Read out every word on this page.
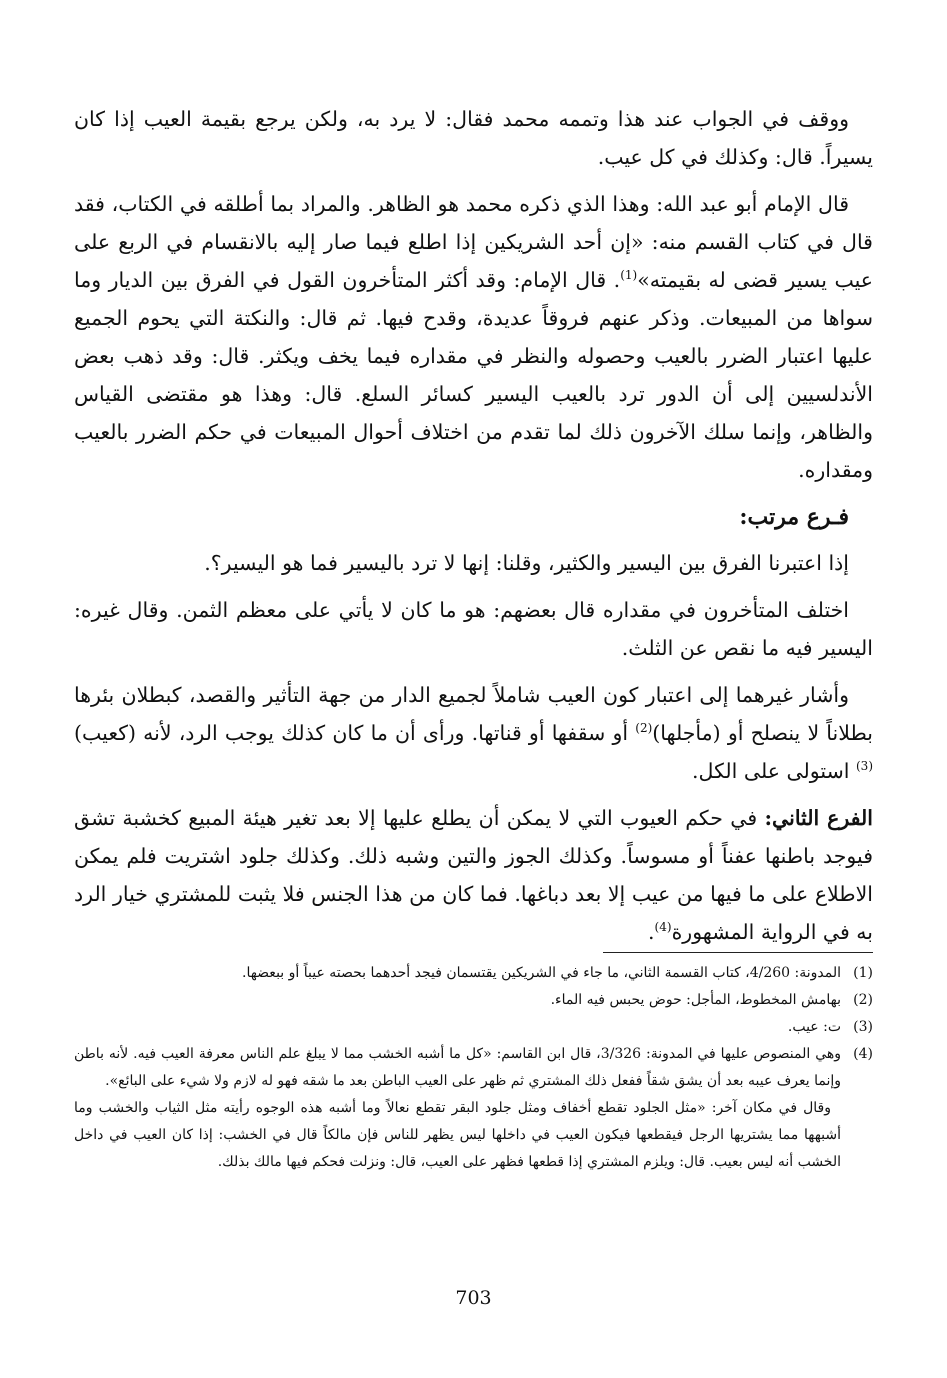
ووقف في الجواب عند هذا وتممه محمد فقال: لا يرد به، ولكن يرجع بقيمة العيب إذا كان يسيراً. قال: وكذلك في كل عيب.

قال الإمام أبو عبد الله: وهذا الذي ذكره محمد هو الظاهر. والمراد بما أطلقه في الكتاب، فقد قال في كتاب القسم منه: «إن أحد الشريكين إذا اطلع فيما صار إليه بالانقسام في الربع على عيب يسير قضى له بقيمته»$^{(1)}$. قال الإمام: وقد أكثر المتأخرون القول في الفرق بين الديار وما سواها من المبيعات. وذكر عنهم فروقاً عديدة، وقدح فيها. ثم قال: والنكتة التي يحوم الجميع عليها اعتبار الضرر بالعيب وحصوله والنظر في مقداره فيما يخف ويكثر. قال: وقد ذهب بعض الأندلسيين إلى أن الدور ترد بالعيب اليسير كسائر السلع. قال: وهذا هو مقتضى القياس والظاهر، وإنما سلك الآخرون ذلك لما تقدم من اختلاف أحوال المبيعات في حكم الضرر بالعيب ومقداره.

فـرع مرتب:

إذا اعتبرنا الفرق بين اليسير والكثير، وقلنا: إنها لا ترد باليسير فما هو اليسير؟.

اختلف المتأخرون في مقداره قال بعضهم: هو ما كان لا يأتي على معظم الثمن. وقال غيره: اليسير فيه ما نقص عن الثلث.

وأشار غيرهما إلى اعتبار كون العيب شاملاً لجميع الدار من جهة التأثير والقصد، كبطلان بئرها بطلاناً لا ينصلح أو (مأجلها)$^{(2)}$ أو سقفها أو قناتها. ورأى أن ما كان كذلك يوجب الرد، لأنه (كعيب)$^{(3)}$ استولى على الكل.

الفرع الثاني: في حكم العيوب التي لا يمكن أن يطلع عليها إلا بعد تغير هيئة المبيع كخشبة تشق فيوجد باطنها عفناً أو مسوساً. وكذلك الجوز والتين وشبه ذلك. وكذلك جلود اشتريت فلم يمكن الاطلاع على ما فيها من عيب إلا بعد دباغها. فما كان من هذا الجنس فلا يثبت للمشتري خيار الرد به في الرواية المشهورة$^{(4)}$.

(1)
المدونة: 4/260، كتاب القسمة الثاني، ما جاء في الشريكين يقتسمان فيجد أحدهما بحصته عيباً أو ببعضها.
(2)
بهامش المخطوط، المأجل: حوض يحبس فيه الماء.
(3)
ت: عيب.
(4)
وهي المنصوص عليها في المدونة: 3/326، قال ابن القاسم: «كل ما أشبه الخشب مما لا يبلغ علم الناس معرفة العيب فيه. لأنه باطن وإنما يعرف عيبه بعد أن يشق شقاً ففعل ذلك المشتري ثم ظهر على العيب الباطن بعد ما شقه فهو له لازم ولا شيء على البائع».
وقال في مكان آخر: «مثل الجلود تقطع أخفاف ومثل جلود البقر تقطع نعالاً وما أشبه هذه الوجوه رأيته مثل الثياب والخشب وما أشبهها مما يشتريها الرجل فيقطعها فيكون العيب في داخلها ليس يظهر للناس فإن مالكاً قال في الخشب: إذا كان العيب في داخل الخشب أنه ليس بعيب. قال: ويلزم المشتري إذا قطعها فظهر على العيب، قال: ونزلت فحكم فيها مالك بذلك.
703
